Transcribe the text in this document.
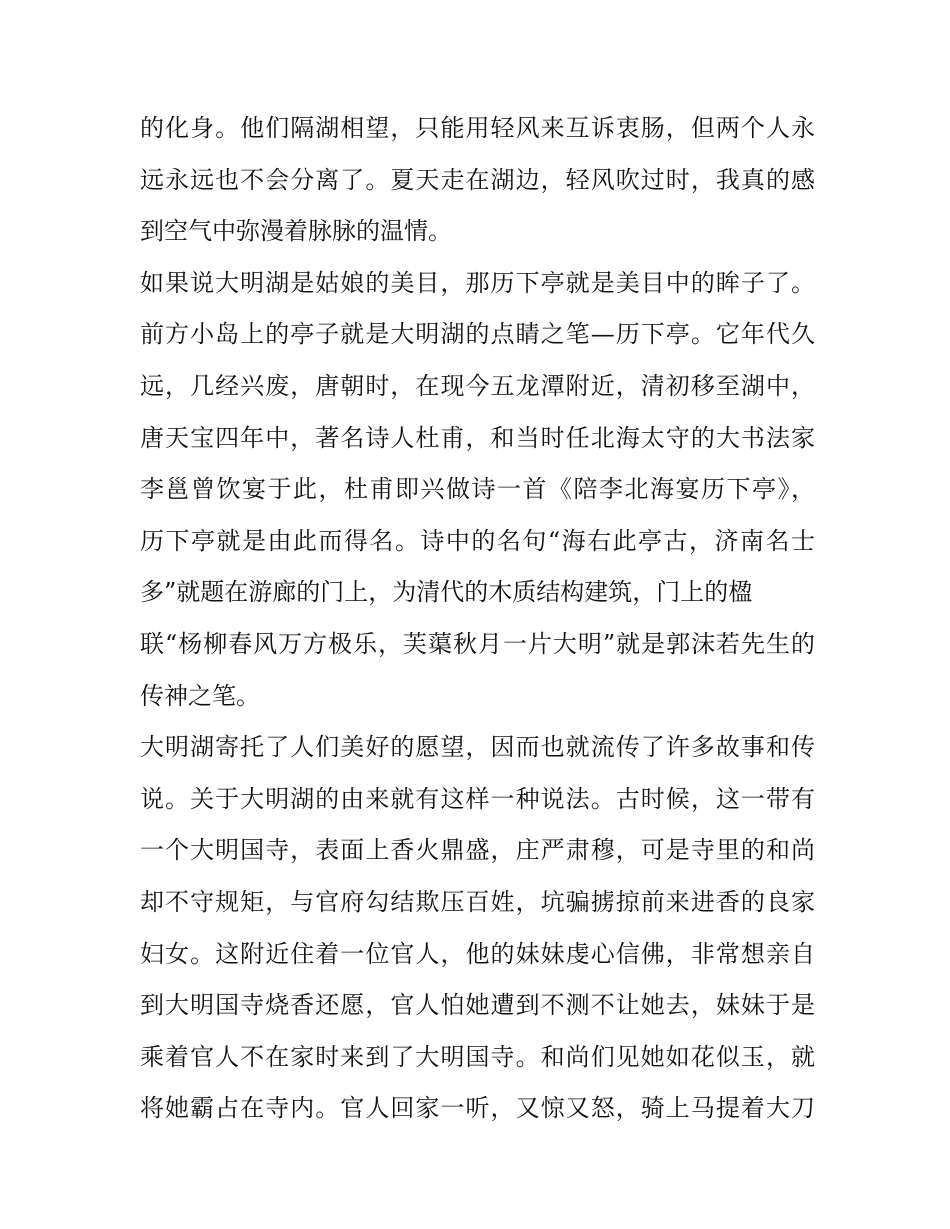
的化身。他们隔湖相望，只能用轻风来互诉衷肠，但两个人永
远永远也不会分离了。夏天走在湖边，轻风吹过时，我真的感
到空气中弥漫着脉脉的温情。
如果说大明湖是姑娘的美目，那历下亭就是美目中的眸子了。
前方小岛上的亭子就是大明湖的点睛之笔—历下亭。它年代久
远，几经兴废，唐朝时，在现今五龙潭附近，清初移至湖中，
唐天宝四年中，著名诗人杜甫，和当时任北海太守的大书法家
李邕曾饮宴于此，杜甫即兴做诗一首《陪李北海宴历下亭》，
历下亭就是由此而得名。诗中的名句“海右此亭古，济南名士
多”就题在游廊的门上，为清代的木质结构建筑，门上的楹
联“杨柳春风万方极乐，芙蕖秋月一片大明”就是郭沫若先生的
传神之笔。
大明湖寄托了人们美好的愿望，因而也就流传了许多故事和传
说。关于大明湖的由来就有这样一种说法。古时候，这一带有
一个大明国寺，表面上香火鼎盛，庄严肃穆，可是寺里的和尚
却不守规矩，与官府勾结欺压百姓，坑骗掳掠前来进香的良家
妇女。这附近住着一位官人，他的妹妹虔心信佛，非常想亲自
到大明国寺烧香还愿，官人怕她遭到不测不让她去，妹妹于是
乘着官人不在家时来到了大明国寺。和尚们见她如花似玉，就
将她霸占在寺内。官人回家一听，又惊又怒，骑上马提着大刀
